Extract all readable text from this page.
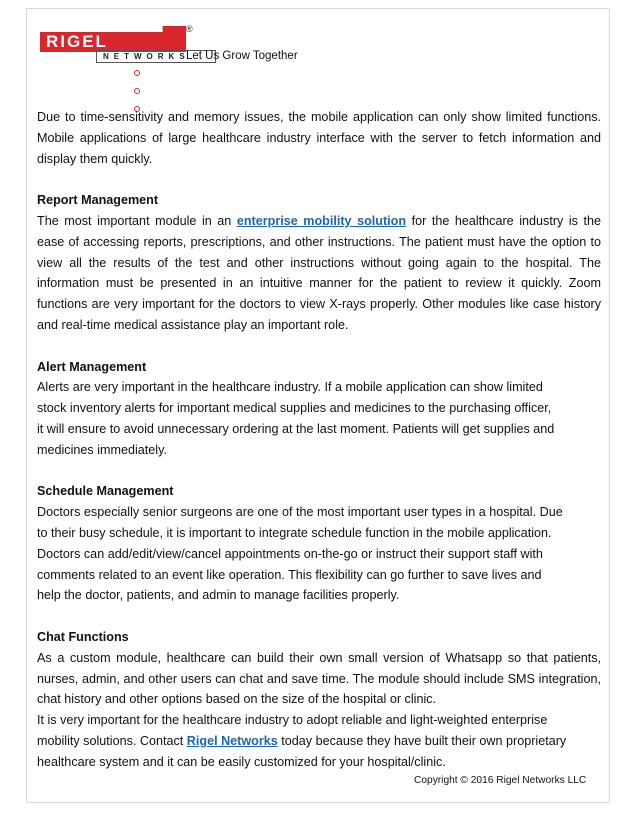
RIGEL
®
NETWORKS
Let Us Grow Together

Due to time-sensitivity and memory issues, the mobile application can only show limited functions. Mobile applications of large healthcare industry interface with the server to fetch information and display them quickly.

Report Management

The most important module in an enterprise mobility solution for the healthcare industry is the ease of accessing reports, prescriptions, and other instructions. The patient must have the option to view all the results of the test and other instructions without going again to the hospital. The information must be presented in an intuitive manner for the patient to review it quickly. Zoom functions are very important for the doctors to view X-rays properly. Other modules like case history and real-time medical assistance play an important role.

Alert Management

Alerts are very important in the healthcare industry. If a mobile application can show limited

stock inventory alerts for important medical supplies and medicines to the purchasing officer,

it will ensure to avoid unnecessary ordering at the last moment. Patients will get supplies and

medicines immediately.

Schedule Management

Doctors especially senior surgeons are one of the most important user types in a hospital. Due

to their busy schedule, it is important to integrate schedule function in the mobile application.

Doctors can add/edit/view/cancel appointments on-the-go or instruct their support staff with

comments related to an event like operation. This flexibility can go further to save lives and

help the doctor, patients, and admin to manage facilities properly.

Chat Functions

As a custom module, healthcare can build their own small version of Whatsapp so that patients, nurses, admin, and other users can chat and save time. The module should include SMS integration, chat history and other options based on the size of the hospital or clinic.

It is very important for the healthcare industry to adopt reliable and light-weighted enterprise

mobility solutions. Contact Rigel Networks today because they have built their own proprietary

healthcare system and it can be easily customized for your hospital/clinic.

Copyright © 2016 Rigel Networks LLC
